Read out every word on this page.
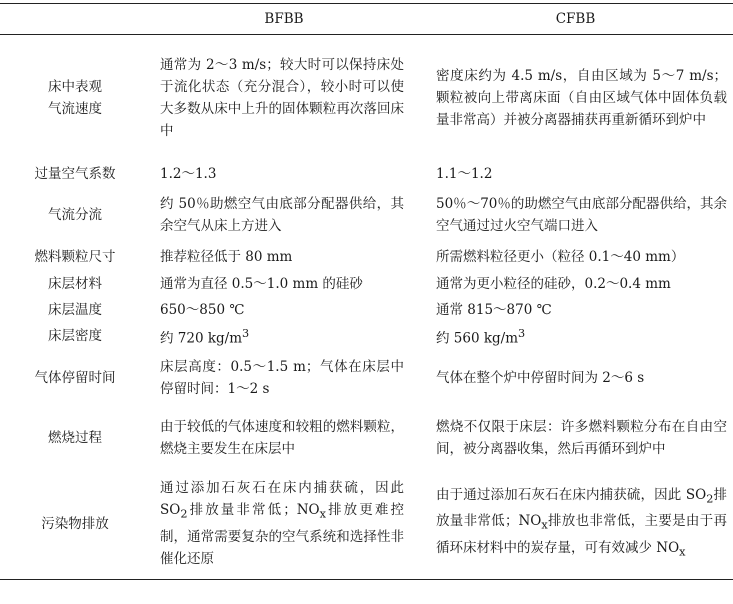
	BFBB	CFBB

床中表观
气流速度	通常为 2～3 m/s；较大时可以保持床处于流化状态（充分混合），较小时可以使大多数从床中上升的固体颗粒再次落回床中	密度床约为 4.5 m/s，自由区域为 5～7 m/s；颗粒被向上带离床面（自由区域气体中固体负载量非常高）并被分离器捕获再重新循环到炉中
过量空气系数	1.2～1.3	1.1～1.2
气流分流	约 50％助燃空气由底部分配器供给，其余空气从床上方进入	50％～70％的助燃空气由底部分配器供给，其余空气通过过火空气端口进入
燃料颗粒尺寸	推荐粒径低于 80 mm	所需燃料粒径更小（粒径 0.1～40 mm）
床层材料	通常为直径 0.5～1.0 mm 的硅砂	通常为更小粒径的硅砂，0.2～0.4 mm
床层温度	650～850 ℃	通常 815～870 ℃
床层密度	约 720 $kg/m^3$	约 560 $kg/m^3$
气体停留时间	床层高度：0.5～1.5 m；气体在床层中停留时间：1～2 s	气体在整个炉中停留时间为 2～6 s
燃烧过程	由于较低的气体速度和较粗的燃料颗粒，燃烧主要发生在床层中	燃烧不仅限于床层：许多燃料颗粒分布在自由空间，被分离器收集，然后再循环到炉中
污染物排放	通过添加石灰石在床内捕获硫，因此 $SO_2$排放量非常低；$NO_x$排放更难控制，通常需要复杂的空气系统和选择性非催化还原	由于通过添加石灰石在床内捕获硫，因此 $SO_2$排放量非常低；$NO_x$排放也非常低，主要是由于再循环床材料中的炭存量，可有效减少 $NO_x$
